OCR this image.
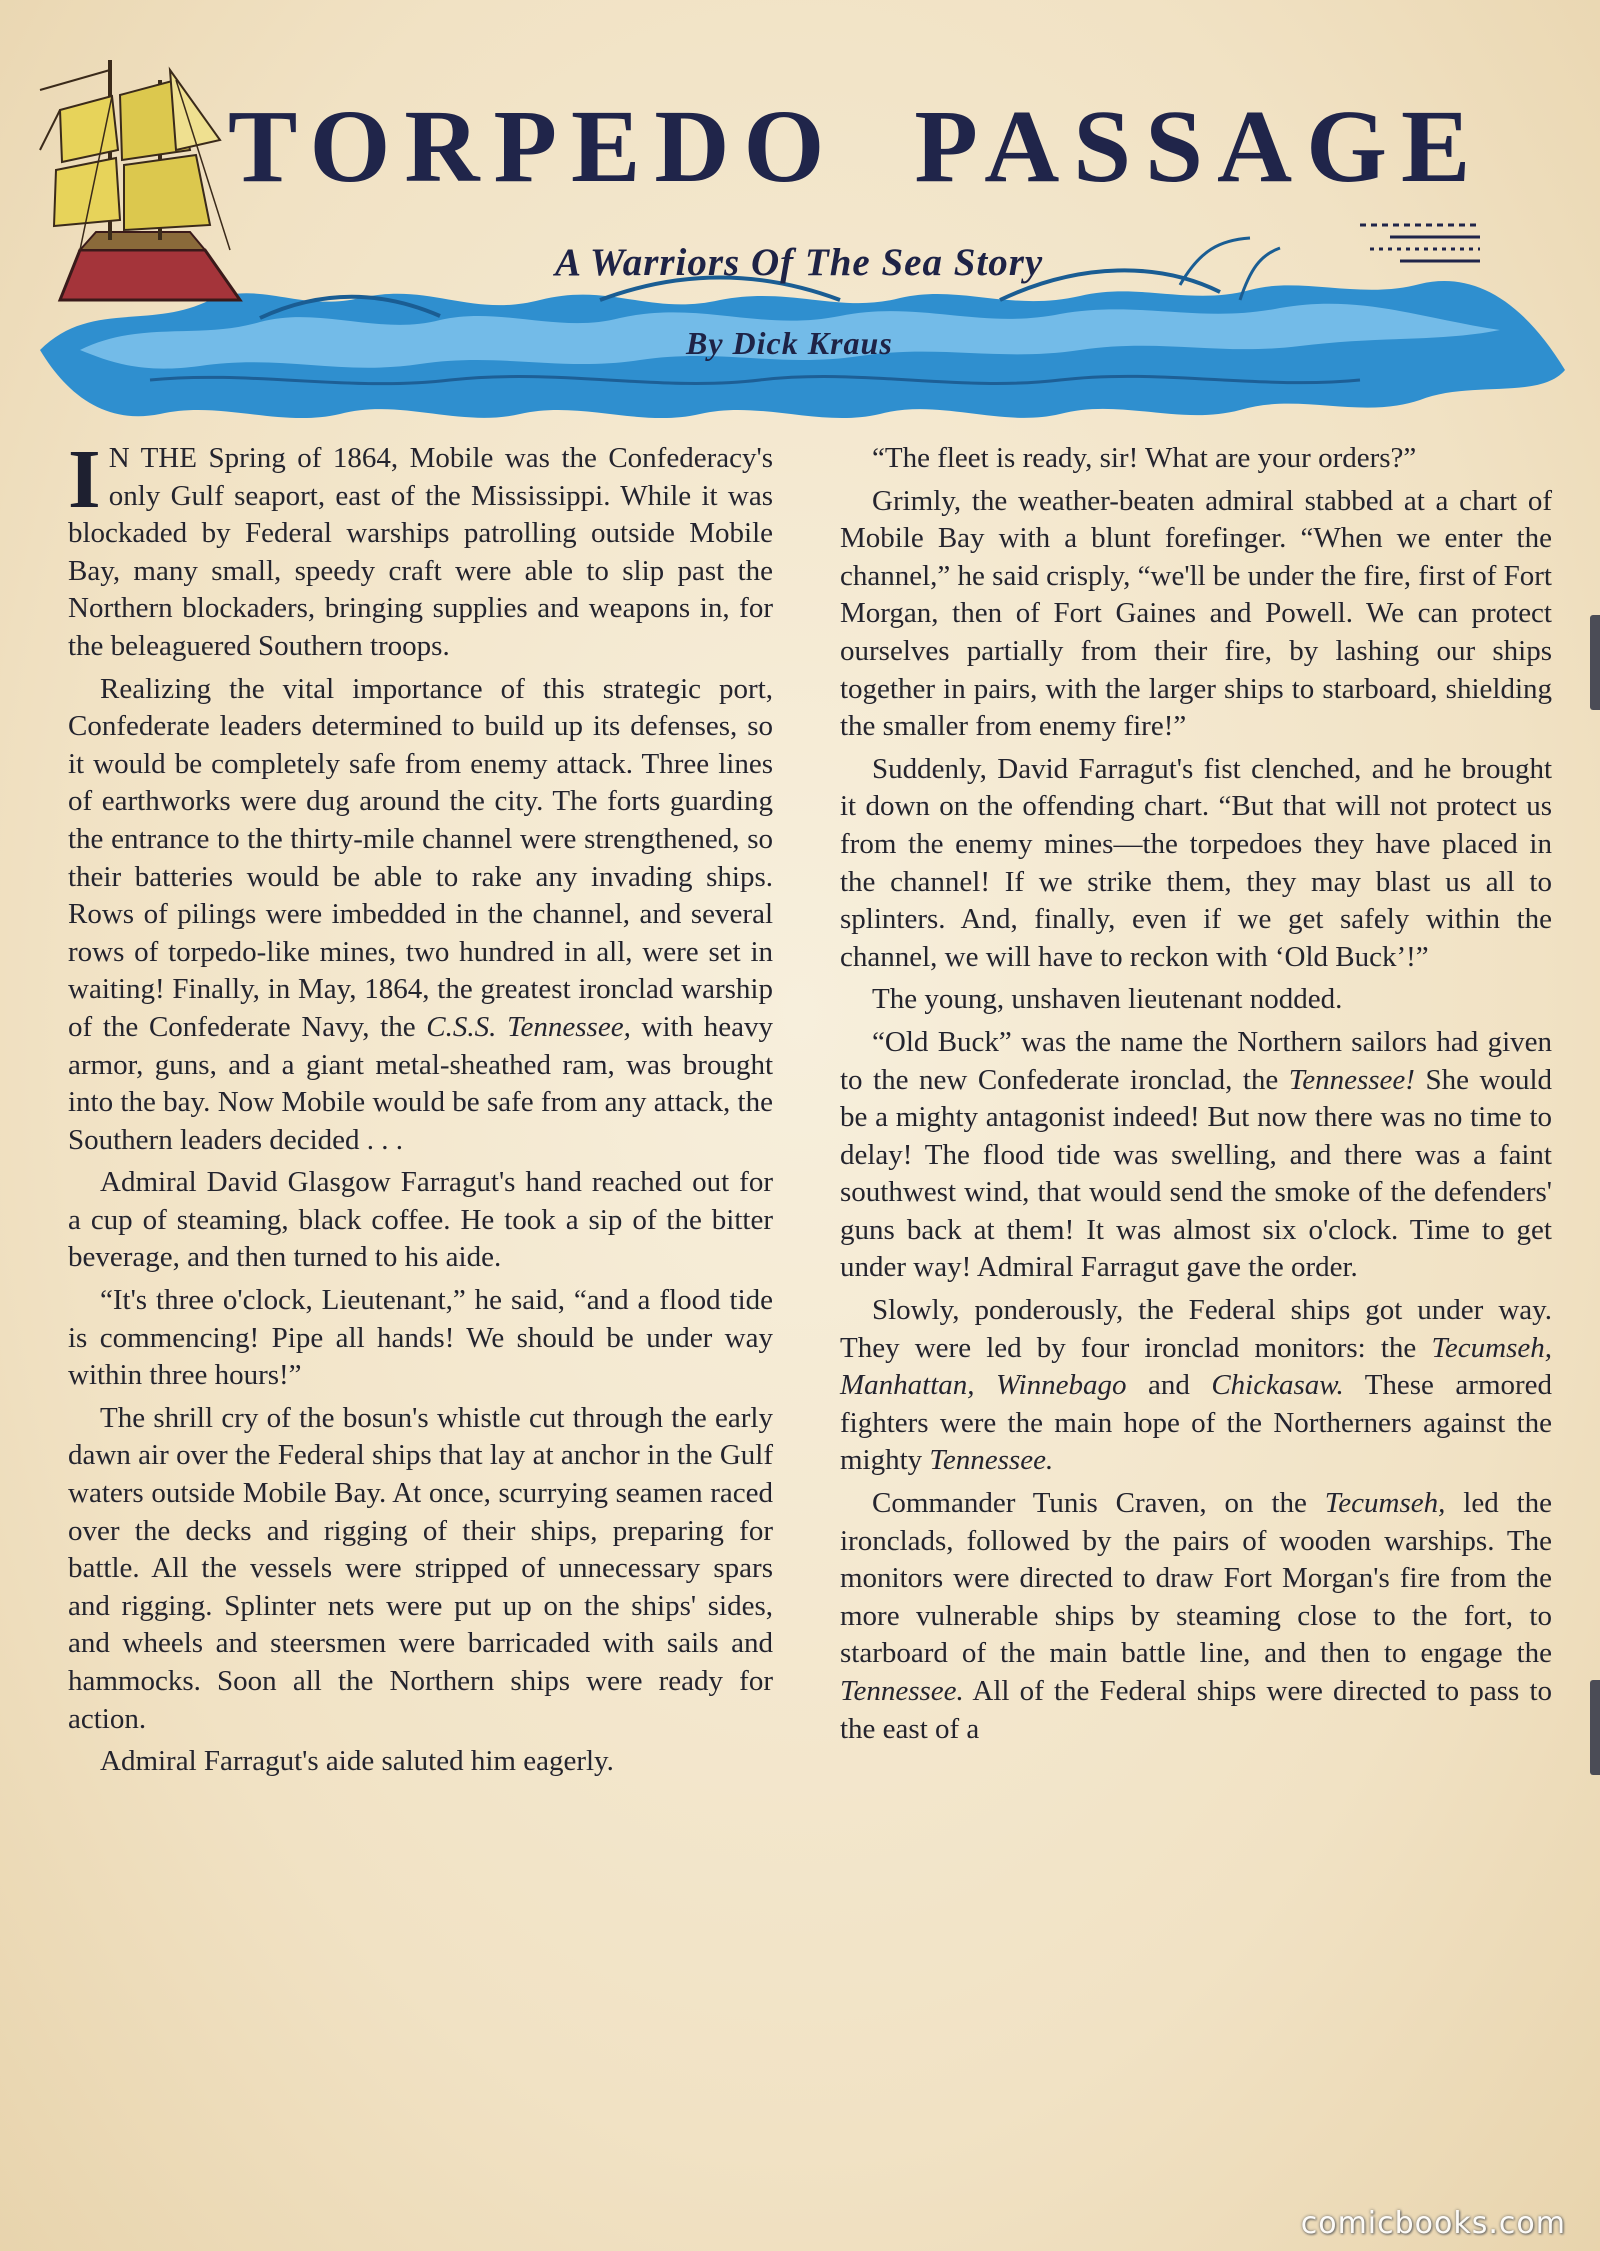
TORPEDO PASSAGE
A Warriors Of The Sea Story
By Dick Kraus

I N THE Spring of 1864, Mobile was the Confederacy's only Gulf seaport, east of the Mississippi. While it was blockaded by Federal warships patrolling outside Mobile Bay, many small, speedy craft were able to slip past the Northern blockaders, bringing supplies and weapons in, for the beleaguered Southern troops.

Realizing the vital importance of this strategic port, Confederate leaders determined to build up its defenses, so it would be completely safe from enemy attack. Three lines of earthworks were dug around the city. The forts guarding the entrance to the thirty-mile channel were strengthened, so their batteries would be able to rake any invading ships. Rows of pilings were imbedded in the channel, and several rows of torpedo-like mines, two hundred in all, were set in waiting! Finally, in May, 1864, the greatest ironclad warship of the Confederate Navy, the C.S.S. Tennessee, with heavy armor, guns, and a giant metal-sheathed ram, was brought into the bay. Now Mobile would be safe from any attack, the Southern leaders decided . . .

Admiral David Glasgow Farragut's hand reached out for a cup of steaming, black coffee. He took a sip of the bitter beverage, and then turned to his aide.

“It's three o'clock, Lieutenant,” he said, “and a flood tide is commencing! Pipe all hands! We should be under way within three hours!”

The shrill cry of the bosun's whistle cut through the early dawn air over the Federal ships that lay at anchor in the Gulf waters outside Mobile Bay. At once, scurrying seamen raced over the decks and rigging of their ships, preparing for battle. All the vessels were stripped of unnecessary spars and rigging. Splinter nets were put up on the ships' sides, and wheels and steersmen were barricaded with sails and hammocks. Soon all the Northern ships were ready for action.

Admiral Farragut's aide saluted him eagerly.

“The fleet is ready, sir! What are your orders?”

Grimly, the weather-beaten admiral stabbed at a chart of Mobile Bay with a blunt forefinger. “When we enter the channel,” he said crisply, “we'll be under the fire, first of Fort Morgan, then of Fort Gaines and Powell. We can protect ourselves partially from their fire, by lashing our ships together in pairs, with the larger ships to starboard, shielding the smaller from enemy fire!”

Suddenly, David Farragut's fist clenched, and he brought it down on the offending chart. “But that will not protect us from the enemy mines—the torpedoes they have placed in the channel! If we strike them, they may blast us all to splinters. And, finally, even if we get safely within the channel, we will have to reckon with ‘Old Buck’!”

The young, unshaven lieutenant nodded.

“Old Buck” was the name the Northern sailors had given to the new Confederate ironclad, the Tennessee! She would be a mighty antagonist indeed! But now there was no time to delay! The flood tide was swelling, and there was a faint southwest wind, that would send the smoke of the defenders' guns back at them! It was almost six o'clock. Time to get under way! Admiral Farragut gave the order.

Slowly, ponderously, the Federal ships got under way. They were led by four ironclad monitors: the Tecumseh, Manhattan, Winnebago and Chickasaw. These armored fighters were the main hope of the Northerners against the mighty Tennessee.

Commander Tunis Craven, on the Tecumseh, led the ironclads, followed by the pairs of wooden warships. The monitors were directed to draw Fort Morgan's fire from the more vulnerable ships by steaming close to the fort, to starboard of the main battle line, and then to engage the Tennessee. All of the Federal ships were directed to pass to the east of a

comicbooks.com
